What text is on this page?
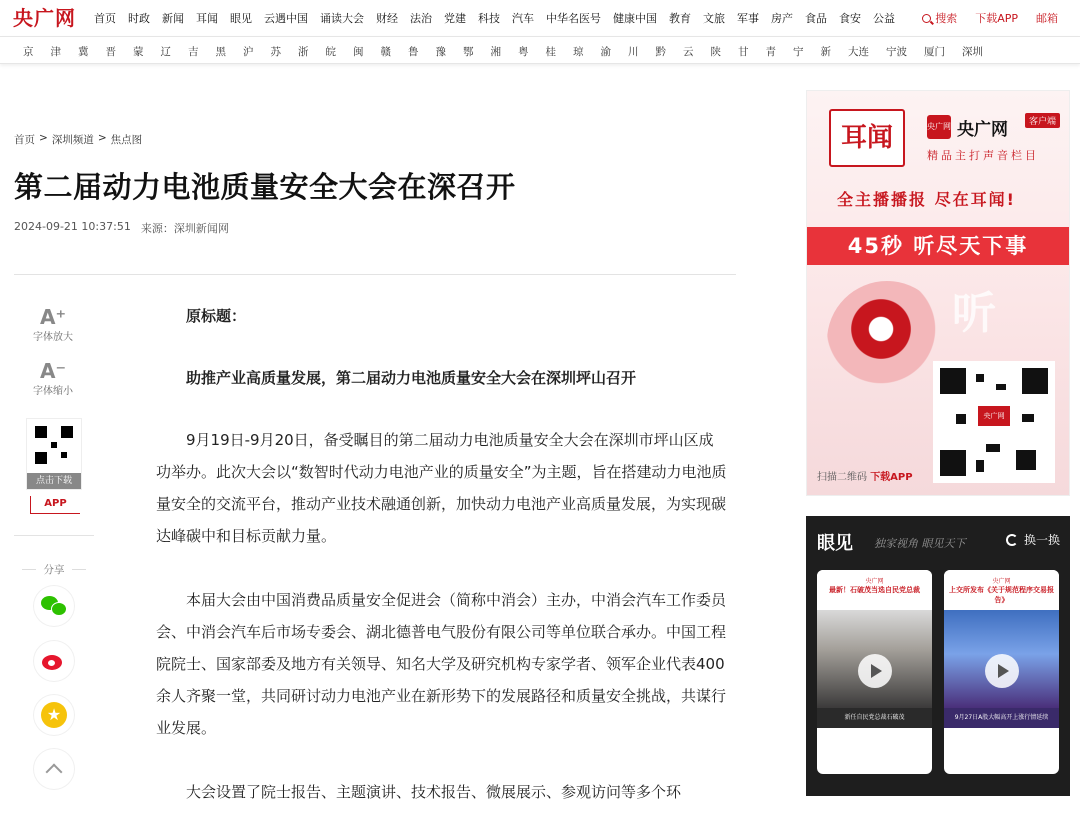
央广网	首页 时政 新闻 耳闻 眼见 云遇中国 诵读大会 财经 法治 党建 科技 汽车 中华名医号 健康中国 教育 文旅 军事 房产 食品 食安 公益	搜索 下载APP 邮箱
京 津 冀 晋 蒙 辽 吉 黑 沪 苏 浙 皖 闽 赣 鲁 豫 鄂 湘 粤 桂 琼 渝 川 黔 云 陕 甘 青 宁 新 大连 宁波 厦门 深圳
首页 > 深圳频道 > 焦点图
第二届动力电池质量安全大会在深召开
2024-09-21 10:37:51 来源：深圳新闻网
A⁺
字体放大
A⁻
字体缩小
点击下载
APP
分享
★

原标题：

助推产业高质量发展，第二届动力电池质量安全大会在深圳坪山召开

9月19日-9月20日，备受瞩目的第二届动力电池质量安全大会在深圳市坪山区成功举办。此次大会以“数智时代动力电池产业的质量安全”为主题，旨在搭建动力电池质量安全的交流平台，推动产业技术融通创新，加快动力电池产业高质量发展，为实现碳达峰碳中和目标贡献力量。

本届大会由中国消费品质量安全促进会（简称中消会）主办，中消会汽车工作委员会、中消会汽车后市场专委会、湖北德普电气股份有限公司等单位联合承办。中国工程院院士、国家部委及地方有关领导、知名大学及研究机构专家学者、领军企业代表400余人齐聚一堂，共同研讨动力电池产业在新形势下的发展路径和质量安全挑战，共谋行业发展。

大会设置了院士报告、主题演讲、技术报告、微展展示、参观访问等多个环

耳闻	央广网 央广网	客户端
精品主打声音栏目
全主播播报 尽在耳闻!
45秒 听尽天下事
听
央广网
扫描二维码 下载APP
眼见 独家视角 眼见天下	换一换
央广网
最新！石破茂当选自民党总裁
新任自民党总裁石破茂
央广网
上交所发布《关于规范程序交易报告》
9月27日A股大幅高开上涨行情延续
